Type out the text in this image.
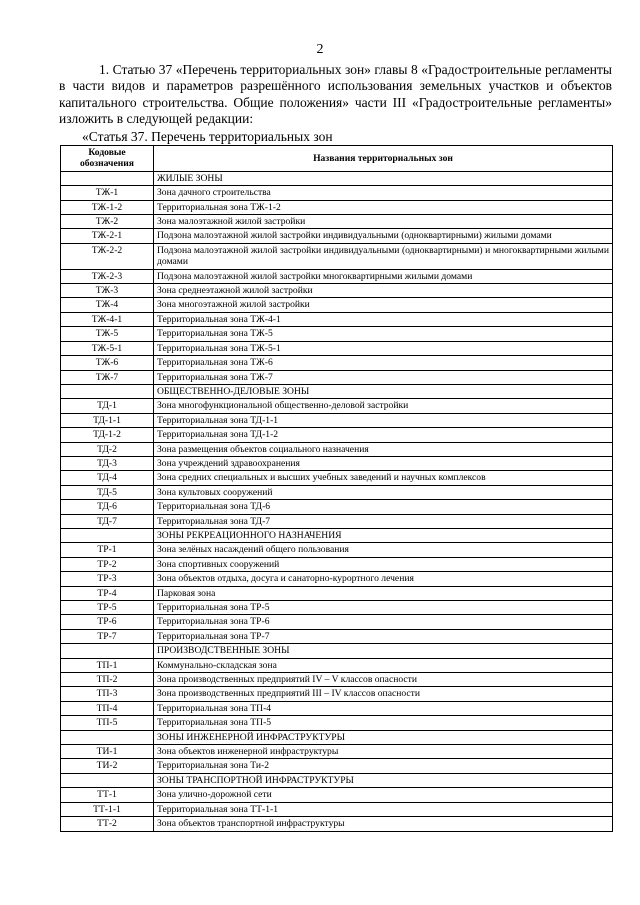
2

1. Статью 37 «Перечень территориальных зон» главы 8 «Градостроительные регламенты в части видов и параметров разрешённого использования земельных участков и объектов капитального строительства. Общие положения» части III «Градостроительные регламенты» изложить в следующей редакции:

«Статья 37. Перечень территориальных зон
Кодовые обозначения	Названия территориальных зон
	ЖИЛЫЕ ЗОНЫ
ТЖ-1	Зона дачного строительства
ТЖ-1-2	Территориальная зона ТЖ-1-2
ТЖ-2	Зона малоэтажной жилой застройки
ТЖ-2-1	Подзона малоэтажной жилой застройки индивидуальными (одноквартирными) жилыми домами
ТЖ-2-2	Подзона малоэтажной жилой застройки индивидуальными (одноквартирными) и многоквартирными жилыми домами
ТЖ-2-3	Подзона малоэтажной жилой застройки многоквартирными жилыми домами
ТЖ-3	Зона среднеэтажной жилой застройки
ТЖ-4	Зона многоэтажной жилой застройки
ТЖ-4-1	Территориальная зона ТЖ-4-1
ТЖ-5	Территориальная зона ТЖ-5
ТЖ-5-1	Территориальная зона ТЖ-5-1
ТЖ-6	Территориальная зона ТЖ-6
ТЖ-7	Территориальная зона ТЖ-7
	ОБЩЕСТВЕННО-ДЕЛОВЫЕ ЗОНЫ
ТД-1	Зона многофункциональной общественно-деловой застройки
ТД-1-1	Территориальная зона ТД-1-1
ТД-1-2	Территориальная зона ТД-1-2
ТД-2	Зона размещения объектов социального назначения
ТД-3	Зона учреждений здравоохранения
ТД-4	Зона средних специальных и высших учебных заведений и научных комплексов
ТД-5	Зона культовых сооружений
ТД-6	Территориальная зона ТД-6
ТД-7	Территориальная зона ТД-7
	ЗОНЫ РЕКРЕАЦИОННОГО НАЗНАЧЕНИЯ
ТР-1	Зона зелёных насаждений общего пользования
ТР-2	Зона спортивных сооружений
ТР-3	Зона объектов отдыха, досуга и санаторно-курортного лечения
ТР-4	Парковая зона
ТР-5	Территориальная зона ТР-5
ТР-6	Территориальная зона ТР-6
ТР-7	Территориальная зона ТР-7
	ПРОИЗВОДСТВЕННЫЕ ЗОНЫ
ТП-1	Коммунально-складская зона
ТП-2	Зона производственных предприятий IV – V классов опасности
ТП-3	Зона производственных предприятий III – IV классов опасности
ТП-4	Территориальная зона ТП-4
ТП-5	Территориальная зона ТП-5
	ЗОНЫ ИНЖЕНЕРНОЙ ИНФРАСТРУКТУРЫ
ТИ-1	Зона объектов инженерной инфраструктуры
ТИ-2	Территориальная зона Ти-2
	ЗОНЫ ТРАНСПОРТНОЙ ИНФРАСТРУКТУРЫ
ТТ-1	Зона улично-дорожной сети
ТТ-1-1	Территориальная зона ТТ-1-1
ТТ-2	Зона объектов транспортной инфраструктуры
